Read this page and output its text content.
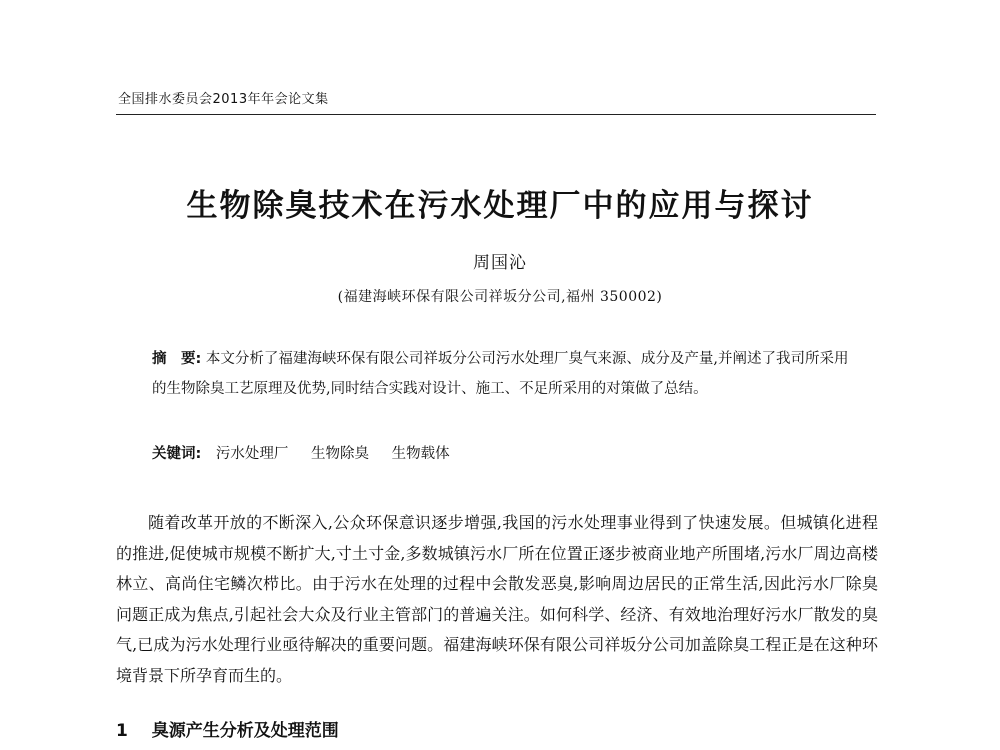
全国排水委员会2013年年会论文集
生物除臭技术在污水处理厂中的应用与探讨
周国沁
(福建海峡环保有限公司祥坂分公司,福州 350002)
摘　要: 本文分析了福建海峡环保有限公司祥坂分公司污水处理厂臭气来源、成分及产量,并阐述了我司所采用的生物除臭工艺原理及优势,同时结合实践对设计、施工、不足所采用的对策做了总结。
关键词: 污水处理厂 生物除臭 生物载体
随着改革开放的不断深入,公众环保意识逐步增强,我国的污水处理事业得到了快速发展。但城镇化进程的推进,促使城市规模不断扩大,寸土寸金,多数城镇污水厂所在位置正逐步被商业地产所围堵,污水厂周边高楼林立、高尚住宅鳞次栉比。由于污水在处理的过程中会散发恶臭,影响周边居民的正常生活,因此污水厂除臭问题正成为焦点,引起社会大众及行业主管部门的普遍关注。如何科学、经济、有效地治理好污水厂散发的臭气,已成为污水处理行业亟待解决的重要问题。福建海峡环保有限公司祥坂分公司加盖除臭工程正是在这种环境背景下所孕育而生的。
1 臭源产生分析及处理范围
